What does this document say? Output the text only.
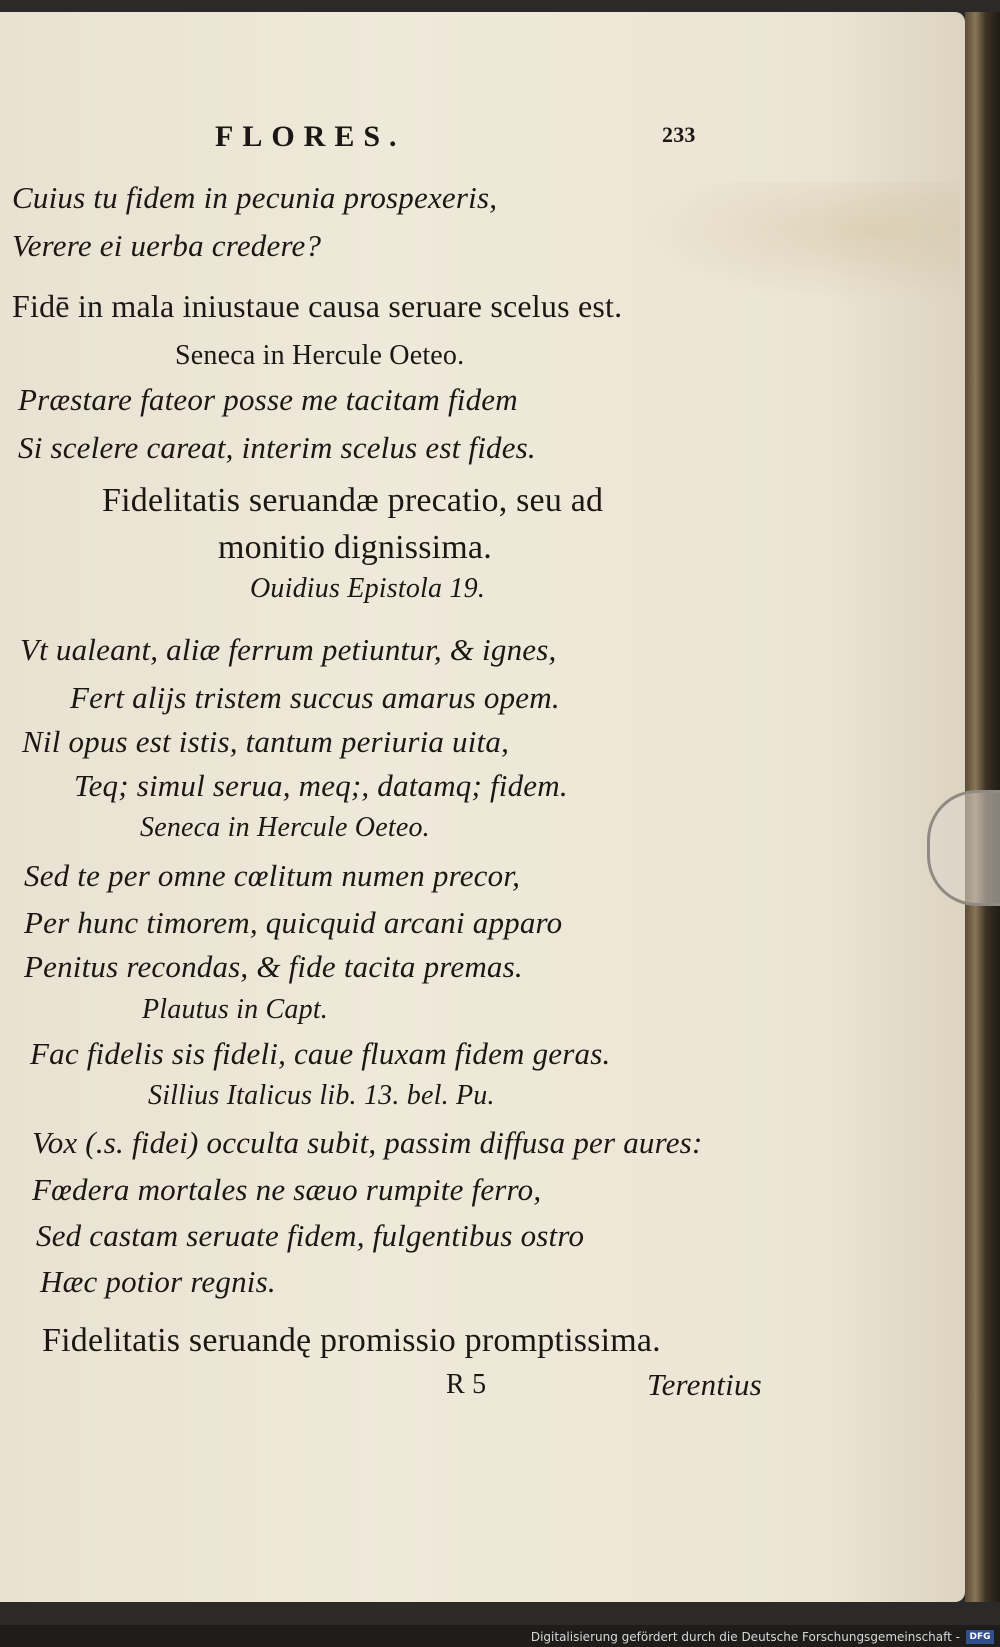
FLORES.	233
Cuius tu fidem in pecunia prospexeris,
Verere ei uerba credere?
Fidē in mala iniustaue causa seruare scelus est.
Seneca in Hercule Oeteo.
Præstare fateor posse me tacitam fidem
Si scelere careat, interim scelus est fides.
Fidelitatis seruandæ precatio, seu ad
monitio dignissima.
Ouidius Epistola 19.
Vt ualeant, aliæ ferrum petiuntur, & ignes,
Fert alijs tristem succus amarus opem.
Nil opus est istis, tantum periuria uita,
Teq; simul serua, meq;, datamq; fidem.
Seneca in Hercule Oeteo.
Sed te per omne cœlitum numen precor,
Per hunc timorem, quicquid arcani apparo
Penitus recondas, & fide tacita premas.
Plautus in Capt.
Fac fidelis sis fideli, caue fluxam fidem geras.
Sillius Italicus lib. 13. bel. Pu.
Vox (.s. fidei) occulta subit, passim diffusa per aures:
Fœdera mortales ne sæuo rumpite ferro,
Sed castam seruate fidem, fulgentibus ostro
Hæc potior regnis.
Fidelitatis seruandę promissio promptissima.
R 5	Terentius
Digitalisierung gefördert durch die Deutsche Forschungsgemeinschaft -	DFG
